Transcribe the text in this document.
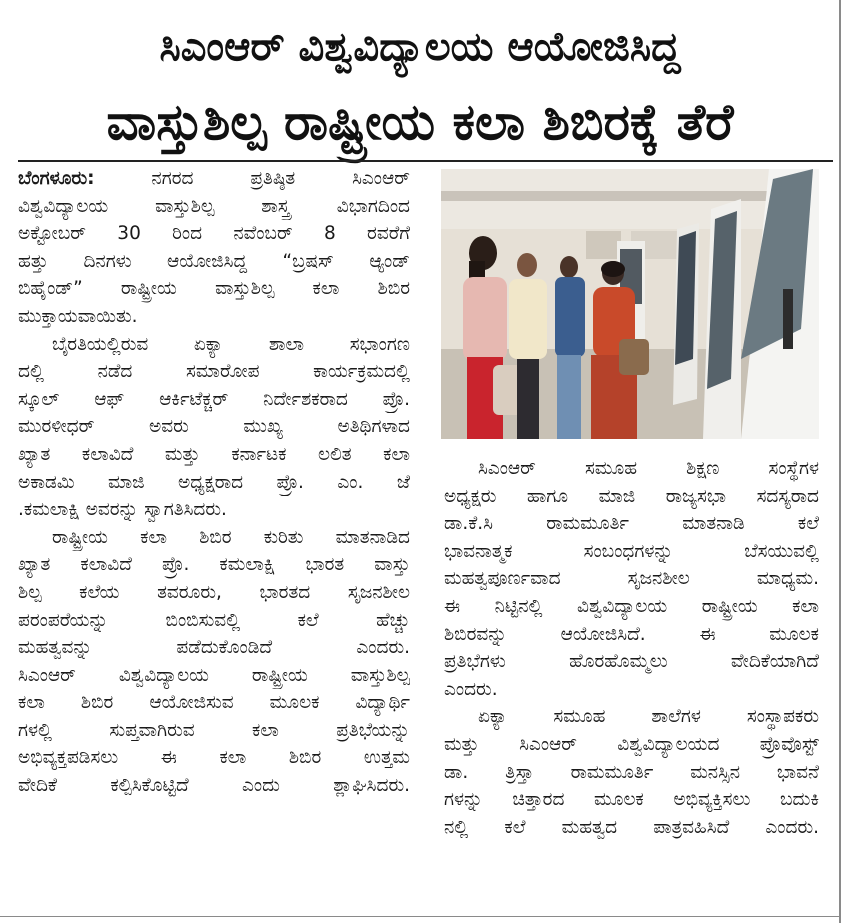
ಸಿಎಂಆರ್ ವಿಶ್ವವಿದ್ಯಾಲಯ ಆಯೋಜಿಸಿದ್ದ
ವಾಸ್ತುಶಿಲ್ಪ ರಾಷ್ಟ್ರೀಯ ಕಲಾ ಶಿಬಿರಕ್ಕೆ ತೆರೆ
ಬೆಂಗಳೂರು:	ನಗರದ ಪ್ರತಿಷ್ಠಿತ ಸಿಎಂಆರ್
ವಿಶ್ವವಿದ್ಯಾಲಯ ವಾಸ್ತುಶಿಲ್ಪ ಶಾಸ್ತ್ರ ವಿಭಾಗದಿಂದ
ಅಕ್ಟೋಬರ್ 30 ರಿಂದ ನವೆಂಬರ್ 8 ರವರೆಗೆ
ಹತ್ತು ದಿನಗಳು ಆಯೋಜಿಸಿದ್ದ “ಬ್ರಷಸ್ ಆ್ಯಂಡ್
ಬಿಹೈಂಡ್” ರಾಷ್ಟ್ರೀಯ ವಾಸ್ತುಶಿಲ್ಪ ಕಲಾ ಶಿಬಿರ
ಮುಕ್ತಾಯವಾಯಿತು.
ಬೈರತಿಯಲ್ಲಿರುವ ಏಕ್ಯಾ ಶಾಲಾ ಸಭಾಂಗಣ
ದಲ್ಲಿ ನಡೆದ ಸಮಾರೋಪ ಕಾರ್ಯಕ್ರಮದಲ್ಲಿ
ಸ್ಕೂಲ್ ಆಫ್ ಆರ್ಕಿಟೆಕ್ಚರ್ ನಿರ್ದೇಶಕರಾದ ಪ್ರೊ.
ಮುರಳೀಧರ್ ಅವರು ಮುಖ್ಯ ಅತಿಥಿಗಳಾದ
ಖ್ಯಾತ ಕಲಾವಿದೆ ಮತ್ತು ಕರ್ನಾಟಕ ಲಲಿತ ಕಲಾ
ಅಕಾಡಮಿ ಮಾಜಿ ಅಧ್ಯಕ್ಷರಾದ ಪ್ರೊ. ಎಂ. ಜೆ
.ಕಮಲಾಕ್ಷಿ ಅವರನ್ನು ಸ್ವಾಗತಿಸಿದರು.
ರಾಷ್ಟ್ರೀಯ ಕಲಾ ಶಿಬಿರ ಕುರಿತು ಮಾತನಾಡಿದ
ಖ್ಯಾತ ಕಲಾವಿದೆ ಪ್ರೊ. ಕಮಲಾಕ್ಷಿ ಭಾರತ ವಾಸ್ತು
ಶಿಲ್ಪ ಕಲೆಯ ತವರೂರು, ಭಾರತದ ಸೃಜನಶೀಲ
ಪರಂಪರೆಯನ್ನು ಬಿಂಬಿಸುವಲ್ಲಿ ಕಲೆ ಹೆಚ್ಚು
ಮಹತ್ವವನ್ನು ಪಡೆದುಕೊಂಡಿದೆ ಎಂದರು.
ಸಿಎಂಆರ್ ವಿಶ್ವವಿದ್ಯಾಲಯ ರಾಷ್ಟ್ರೀಯ ವಾಸ್ತುಶಿಲ್ಪ
ಕಲಾ ಶಿಬಿರ ಆಯೋಜಿಸುವ ಮೂಲಕ ವಿದ್ಯಾರ್ಥಿ
ಗಳಲ್ಲಿ ಸುಪ್ತವಾಗಿರುವ ಕಲಾ ಪ್ರತಿಭೆಯನ್ನು
ಅಭಿವ್ಯಕ್ತಪಡಿಸಲು ಈ ಕಲಾ ಶಿಬಿರ ಉತ್ತಮ
ವೇದಿಕೆ ಕಲ್ಪಿಸಿಕೊಟ್ಟಿದೆ ಎಂದು ಶ್ಲಾಘಿಸಿದರು.
ಸಿಎಂಆರ್ ಸಮೂಹ ಶಿಕ್ಷಣ ಸಂಸ್ಥೆಗಳ
ಅಧ್ಯಕ್ಷರು ಹಾಗೂ ಮಾಜಿ ರಾಜ್ಯಸಭಾ ಸದಸ್ಯರಾದ
ಡಾ.ಕೆ.ಸಿ ರಾಮಮೂರ್ತಿ ಮಾತನಾಡಿ ಕಲೆ
ಭಾವನಾತ್ಮಕ ಸಂಬಂಧಗಳನ್ನು ಬೆಸಯುವಲ್ಲಿ
ಮಹತ್ವಪೂರ್ಣವಾದ ಸೃಜನಶೀಲ ಮಾಧ್ಯಮ.
ಈ ನಿಟ್ಟಿನಲ್ಲಿ ವಿಶ್ವವಿದ್ಯಾಲಯ ರಾಷ್ಟ್ರೀಯ ಕಲಾ
ಶಿಬಿರವನ್ನು ಆಯೋಜಿಸಿದೆ. ಈ ಮೂಲಕ
ಪ್ರತಿಭೆಗಳು ಹೊರಹೊಮ್ಮಲು ವೇದಿಕೆಯಾಗಿದೆ
ಎಂದರು.
ಏಕ್ಯಾ ಸಮೂಹ ಶಾಲೆಗಳ ಸಂಸ್ಥಾಪಕರು
ಮತ್ತು ಸಿಎಂಆರ್ ವಿಶ್ವವಿದ್ಯಾಲಯದ ಪ್ರೊವೊಸ್ಟ್
ಡಾ. ತ್ರಿಸ್ತಾ ರಾಮಮೂರ್ತಿ ಮನಸ್ಸಿನ ಭಾವನೆ
ಗಳನ್ನು ಚಿತ್ತಾರದ ಮೂಲಕ ಅಭಿವ್ಯಕ್ತಿಸಲು ಬದುಕಿ
ನಲ್ಲಿ ಕಲೆ ಮಹತ್ವದ ಪಾತ್ರವಹಿಸಿದೆ ಎಂದರು.
